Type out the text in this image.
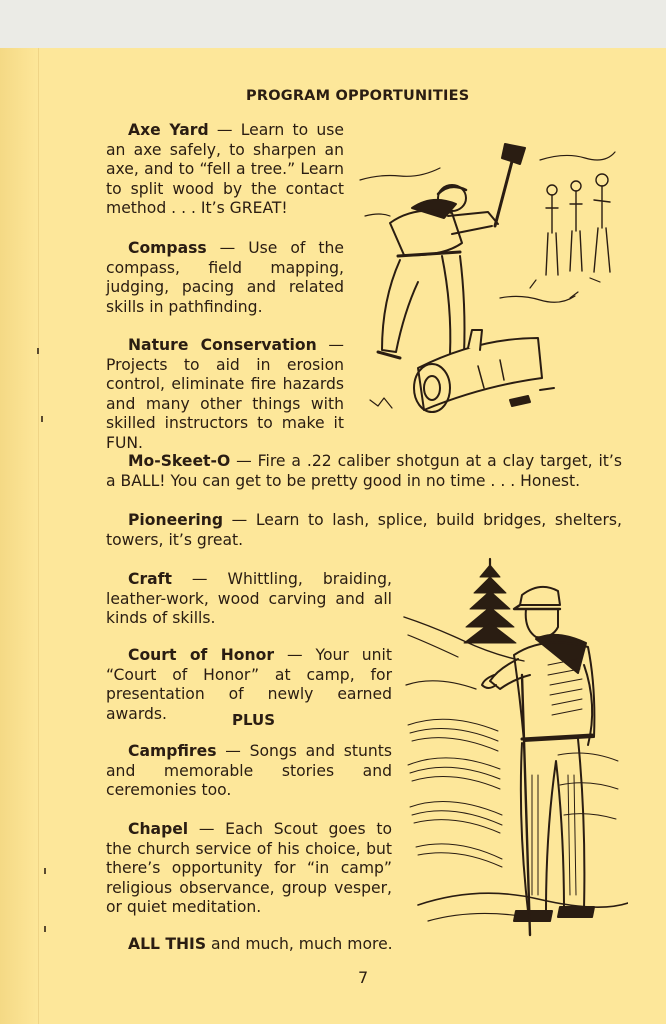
PROGRAM OPPORTUNITIES
Axe Yard — Learn to use an axe safely, to sharpen an axe, and to “fell a tree.” Learn to split wood by the contact method . . . It’s GREAT!
Compass — Use of the compass, field mapping, judging, pacing and related skills in pathfinding.
Nature Conservation — Projects to aid in erosion control, eliminate fire hazards and many other things with skilled instructors to make it FUN.
Mo-Skeet-O — Fire a .22 caliber shotgun at a clay target, it’s a BALL! You can get to be pretty good in no time . . . Honest.
Pioneering — Learn to lash, splice, build bridges, shelters, towers, it’s great.
Craft — Whittling, braiding, leather-work, wood carving and all kinds of skills.
Court of Honor — Your unit “Court of Honor” at camp, for presentation of newly earned awards.	PLUS
Campfires — Songs and stunts and memorable stories and ceremonies too.
Chapel — Each Scout goes to the church service of his choice, but there’s opportunity for “in camp” religious observance, group vesper, or quiet meditation.
ALL THIS and much, much more.
7
